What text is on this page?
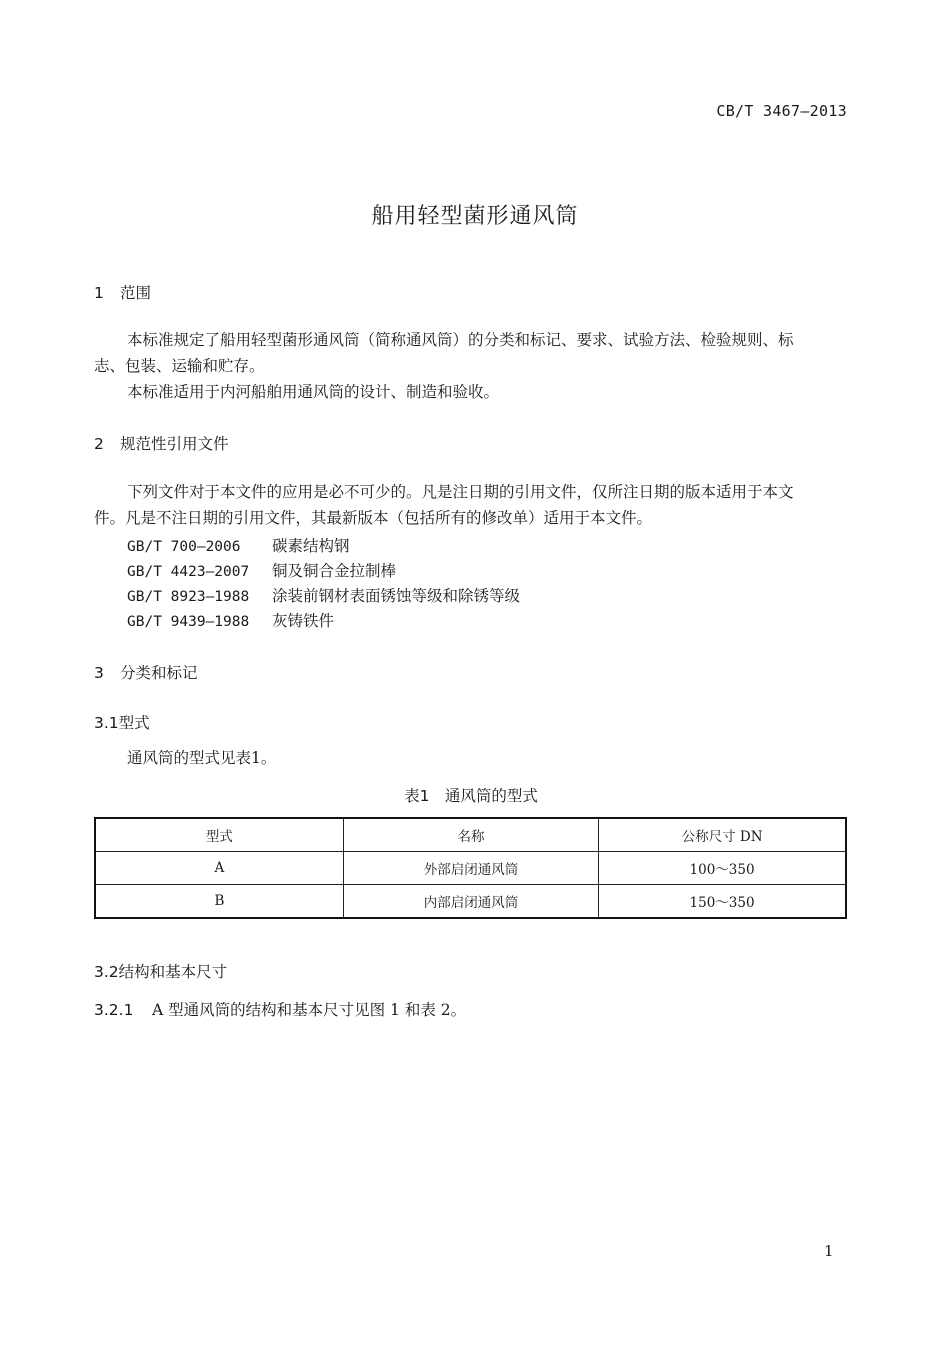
CB/T 3467—2013
船用轻型菌形通风筒
1 范围
本标准规定了船用轻型菌形通风筒（简称通风筒）的分类和标记、要求、试验方法、检验规则、标
志、包装、运输和贮存。
本标准适用于内河船舶用通风筒的设计、制造和验收。
2 规范性引用文件
下列文件对于本文件的应用是必不可少的。凡是注日期的引用文件，仅所注日期的版本适用于本文
件。凡是不注日期的引用文件，其最新版本（包括所有的修改单）适用于本文件。
GB/T 700—2006 碳素结构钢
GB/T 4423—2007 铜及铜合金拉制棒
GB/T 8923—1988 涂装前钢材表面锈蚀等级和除锈等级
GB/T 9439—1988 灰铸铁件
3 分类和标记
3.1型式
通风筒的型式见表1。
表1　通风筒的型式
型式	名称	公称尺寸 DN
A	外部启闭通风筒	100～350
B	内部启闭通风筒	150～350
3.2结构和基本尺寸
3.2.1 A 型通风筒的结构和基本尺寸见图 1 和表 2。
1
